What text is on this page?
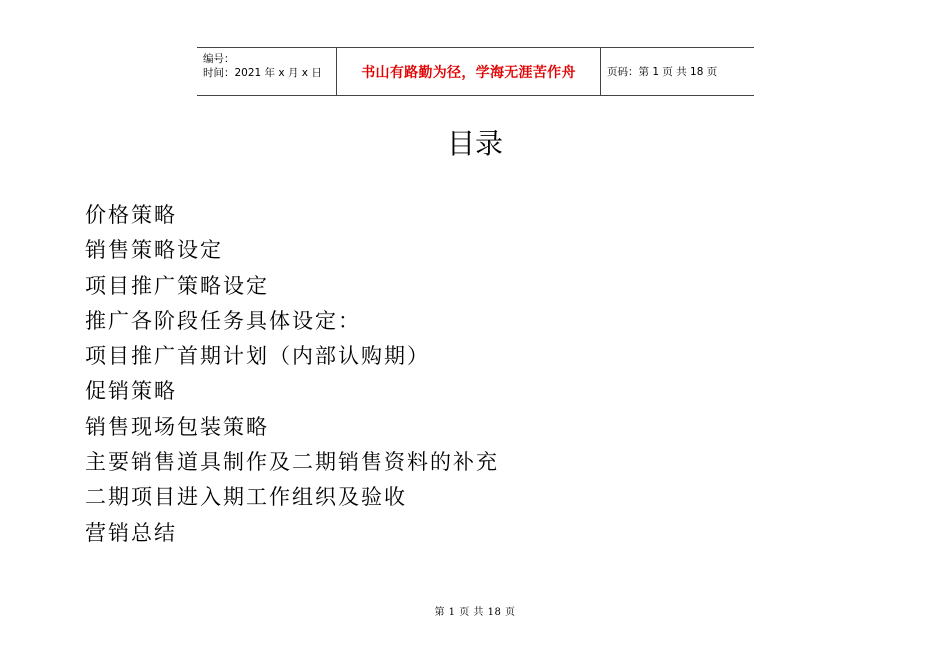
编号：
时间：2021 年 x 月 x 日	书山有路勤为径，学海无涯苦作舟	页码：第 1 页 共 18 页
目录
价格策略
销售策略设定
项目推广策略设定
推广各阶段任务具体设定：
项目推广首期计划（内部认购期）
促销策略
销售现场包装策略
主要销售道具制作及二期销售资料的补充
二期项目进入期工作组织及验收
营销总结
第 1 页 共 18 页
